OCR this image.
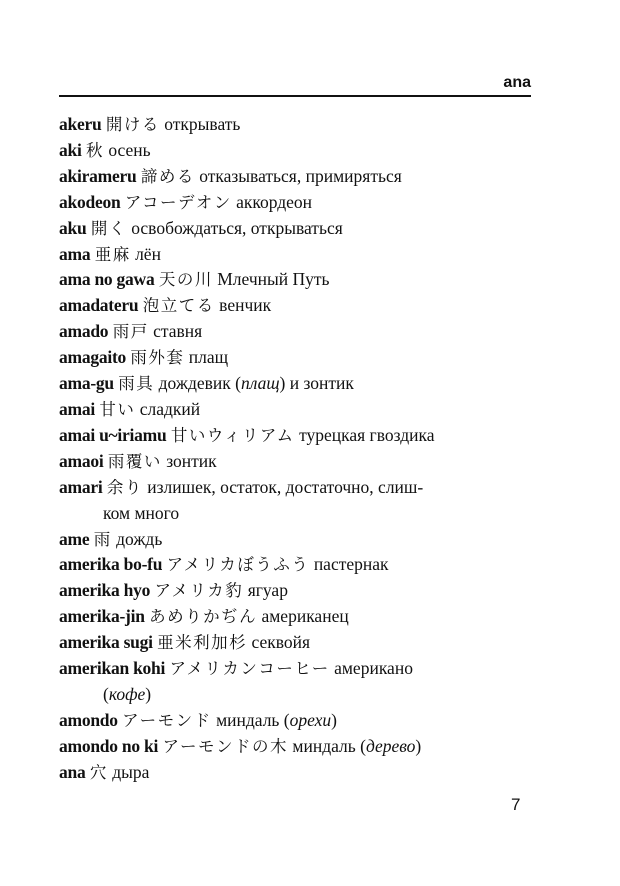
ana
akeru 開ける открывать
aki 秋 осень
akirameru 諦める отказываться, примиряться
akodeon アコーデオン аккордеон
aku 開く освобождаться, открываться
ama 亜麻 лён
ama no gawa 天の川 Млечный Путь
amadateru 泡立てる венчик
amado 雨戸 ставня
amagaito 雨外套 плащ
ama-gu 雨具 дождевик (плащ) и зонтик
amai 甘い сладкий
amai u~iriamu 甘いウィリアム турецкая гвоздика
amaoi 雨覆い зонтик
amari 余り излишек, остаток, достаточно, слиш-
ком много
ame 雨 дождь
amerika bo-fu アメリカぼうふう пастернак
amerika hyo アメリカ豹 ягуар
amerika-jin あめりかぢん американец
amerika sugi 亜米利加杉 секвойя
amerikan kohi アメリカンコーヒー американо
(кофе)
amondo アーモンド миндаль (орехи)
amondo no ki アーモンドの木 миндаль (дерево)
ana 穴 дыра
7
